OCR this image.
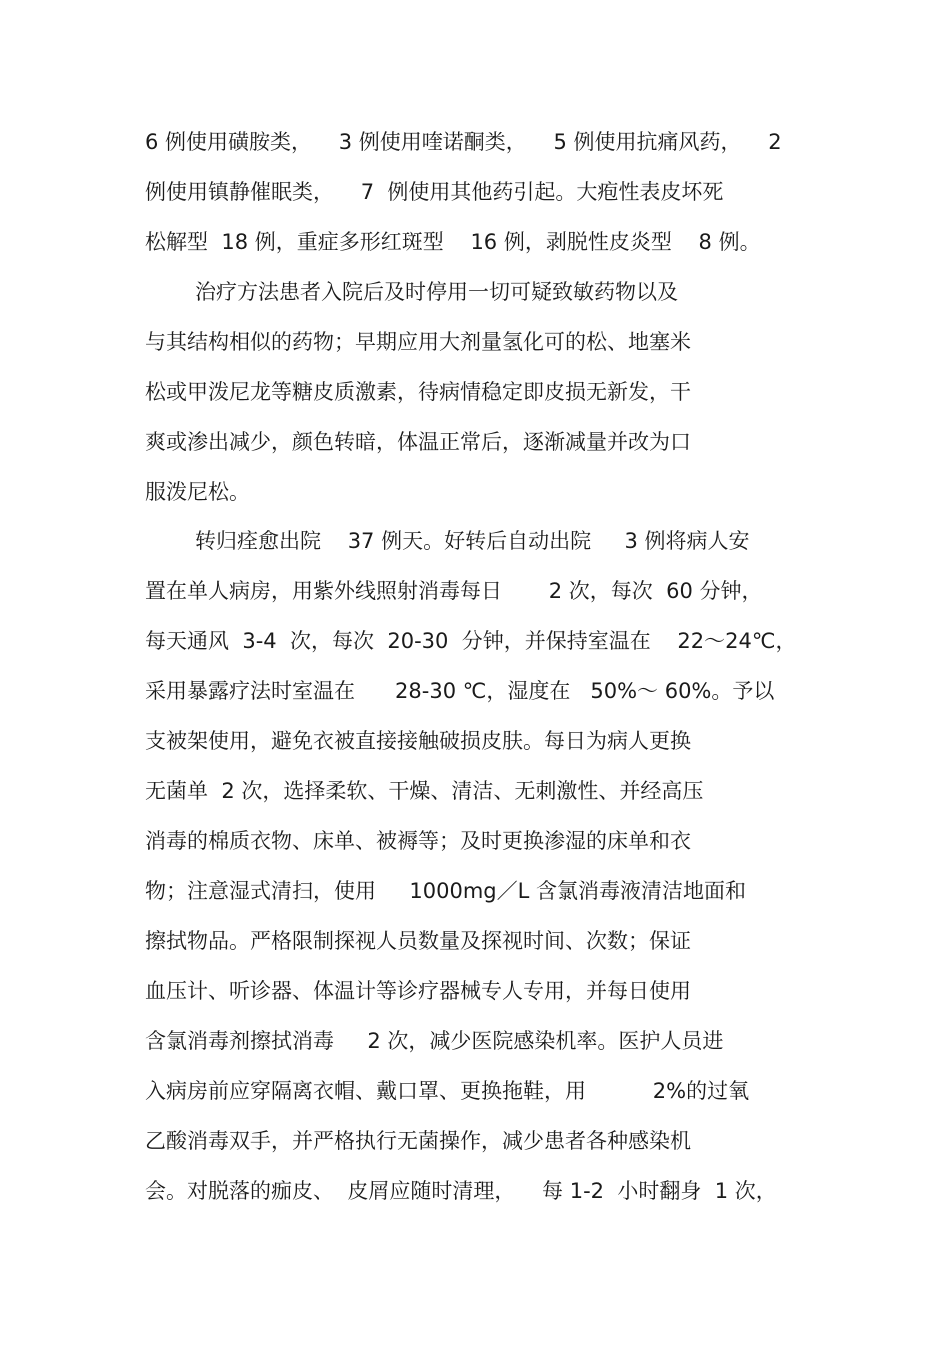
6 例使用磺胺类，    3 例使用喹诺酮类，    5 例使用抗痛风药，    2
例使用镇静催眠类，    7  例使用其他药引起。大疱性表皮坏死
松解型  18 例，重症多形红斑型    16 例，剥脱性皮炎型    8 例。
治疗方法患者入院后及时停用一切可疑致敏药物以及
与其结构相似的药物；早期应用大剂量氢化可的松、地塞米
松或甲泼尼龙等糖皮质激素，待病情稳定即皮损无新发，干
爽或渗出减少，颜色转暗，体温正常后，逐渐减量并改为口
服泼尼松。
转归痊愈出院    37 例天。好转后自动出院     3 例将病人安
置在单人病房，用紫外线照射消毒每日       2 次，每次  60 分钟，
每天通风  3-4  次，每次  20-30  分钟，并保持室温在    22～24℃，
采用暴露疗法时室温在      28-30 ℃，湿度在   50%～ 60%。予以
支被架使用，避免衣被直接接触破损皮肤。每日为病人更换
无菌单  2 次，选择柔软、干燥、清洁、无刺激性、并经高压
消毒的棉质衣物、床单、被褥等；及时更换渗湿的床单和衣
物；注意湿式清扫，使用     1000mg／L 含氯消毒液清洁地面和
擦拭物品。严格限制探视人员数量及探视时间、次数；保证
血压计、听诊器、体温计等诊疗器械专人专用，并每日使用
含氯消毒剂擦拭消毒     2 次，减少医院感染机率。医护人员进
入病房前应穿隔离衣帽、戴口罩、更换拖鞋，用          2%的过氧
乙酸消毒双手，并严格执行无菌操作，减少患者各种感染机
会。对脱落的痂皮、  皮屑应随时清理，    每 1-2  小时翻身  1 次，
